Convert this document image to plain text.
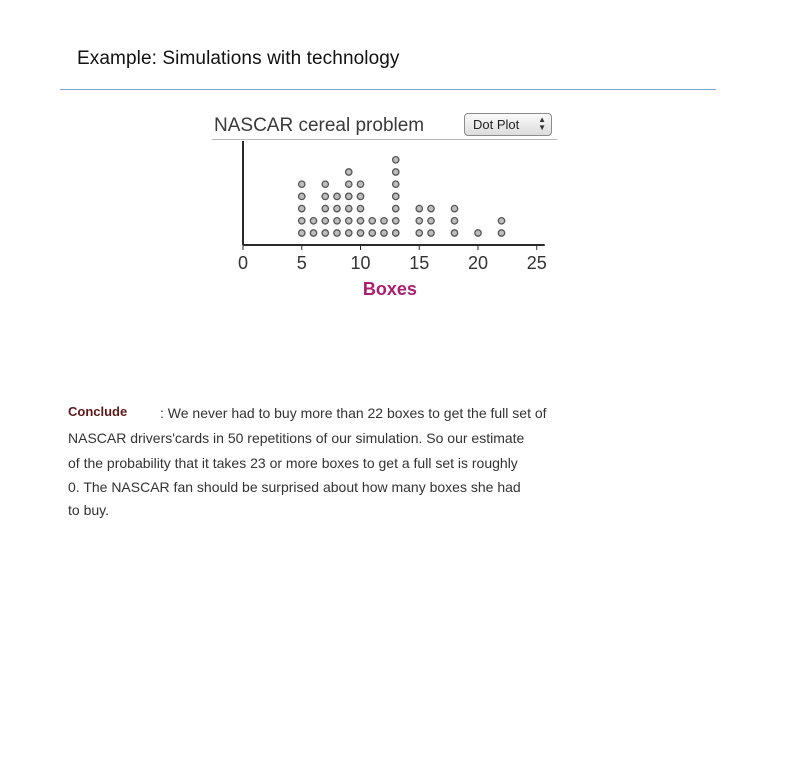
Example: Simulations with technology
NASCAR cereal problem	Dot Plot ▲
▼
0	5 10 15 20 25
Boxes
Conclude : We never had to buy more than 22 boxes to get the full set of
NASCAR drivers'cards in 50 repetitions of our simulation. So our estimate
of the probability that it takes 23 or more boxes to get a full set is roughly
0. The NASCAR fan should be surprised about how many boxes she had
to buy.
